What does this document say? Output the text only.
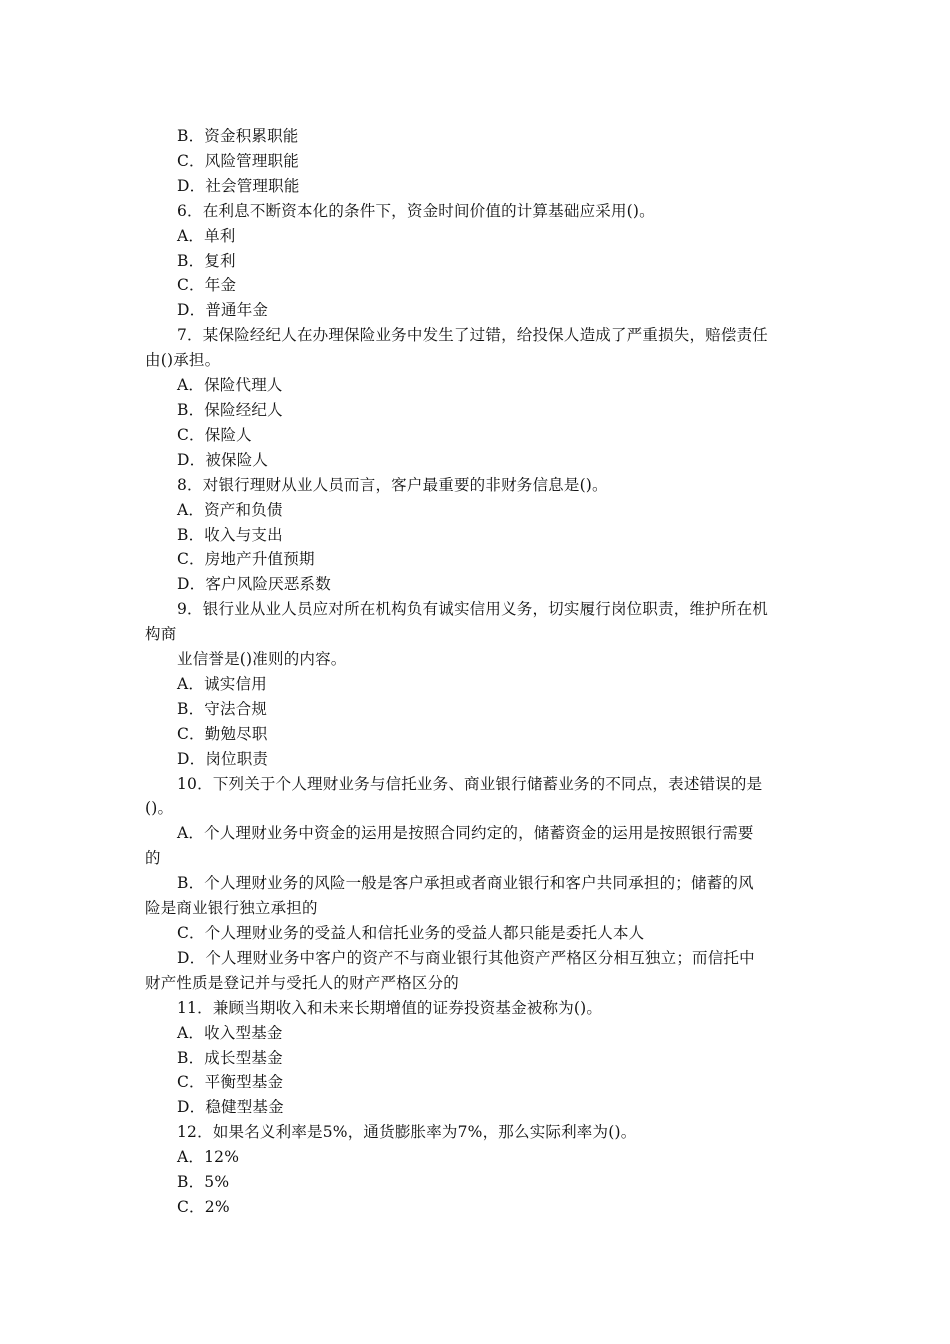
B．资金积累职能
C．风险管理职能
D．社会管理职能
6．在利息不断资本化的条件下，资金时间价值的计算基础应采用()。
A．单利
B．复利
C．年金
D．普通年金
7．某保险经纪人在办理保险业务中发生了过错，给投保人造成了严重损失，赔偿责任
由()承担。
A．保险代理人
B．保险经纪人
C．保险人
D．被保险人
8．对银行理财从业人员而言，客户最重要的非财务信息是()。
A．资产和负债
B．收入与支出
C．房地产升值预期
D．客户风险厌恶系数
9．银行业从业人员应对所在机构负有诚实信用义务，切实履行岗位职责，维护所在机
构商
业信誉是()准则的内容。
A．诚实信用
B．守法合规
C．勤勉尽职
D．岗位职责
10．下列关于个人理财业务与信托业务、商业银行储蓄业务的不同点，表述错误的是
()。
A．个人理财业务中资金的运用是按照合同约定的，储蓄资金的运用是按照银行需要
的
B．个人理财业务的风险一般是客户承担或者商业银行和客户共同承担的；储蓄的风
险是商业银行独立承担的
C．个人理财业务的受益人和信托业务的受益人都只能是委托人本人
D．个人理财业务中客户的资产不与商业银行其他资产严格区分相互独立；而信托中
财产性质是登记并与受托人的财产严格区分的
11．兼顾当期收入和未来长期增值的证券投资基金被称为()。
A．收入型基金
B．成长型基金
C．平衡型基金
D．稳健型基金
12．如果名义利率是5%，通货膨胀率为7%，那么实际利率为()。
A．12%
B．5%
C．2%
